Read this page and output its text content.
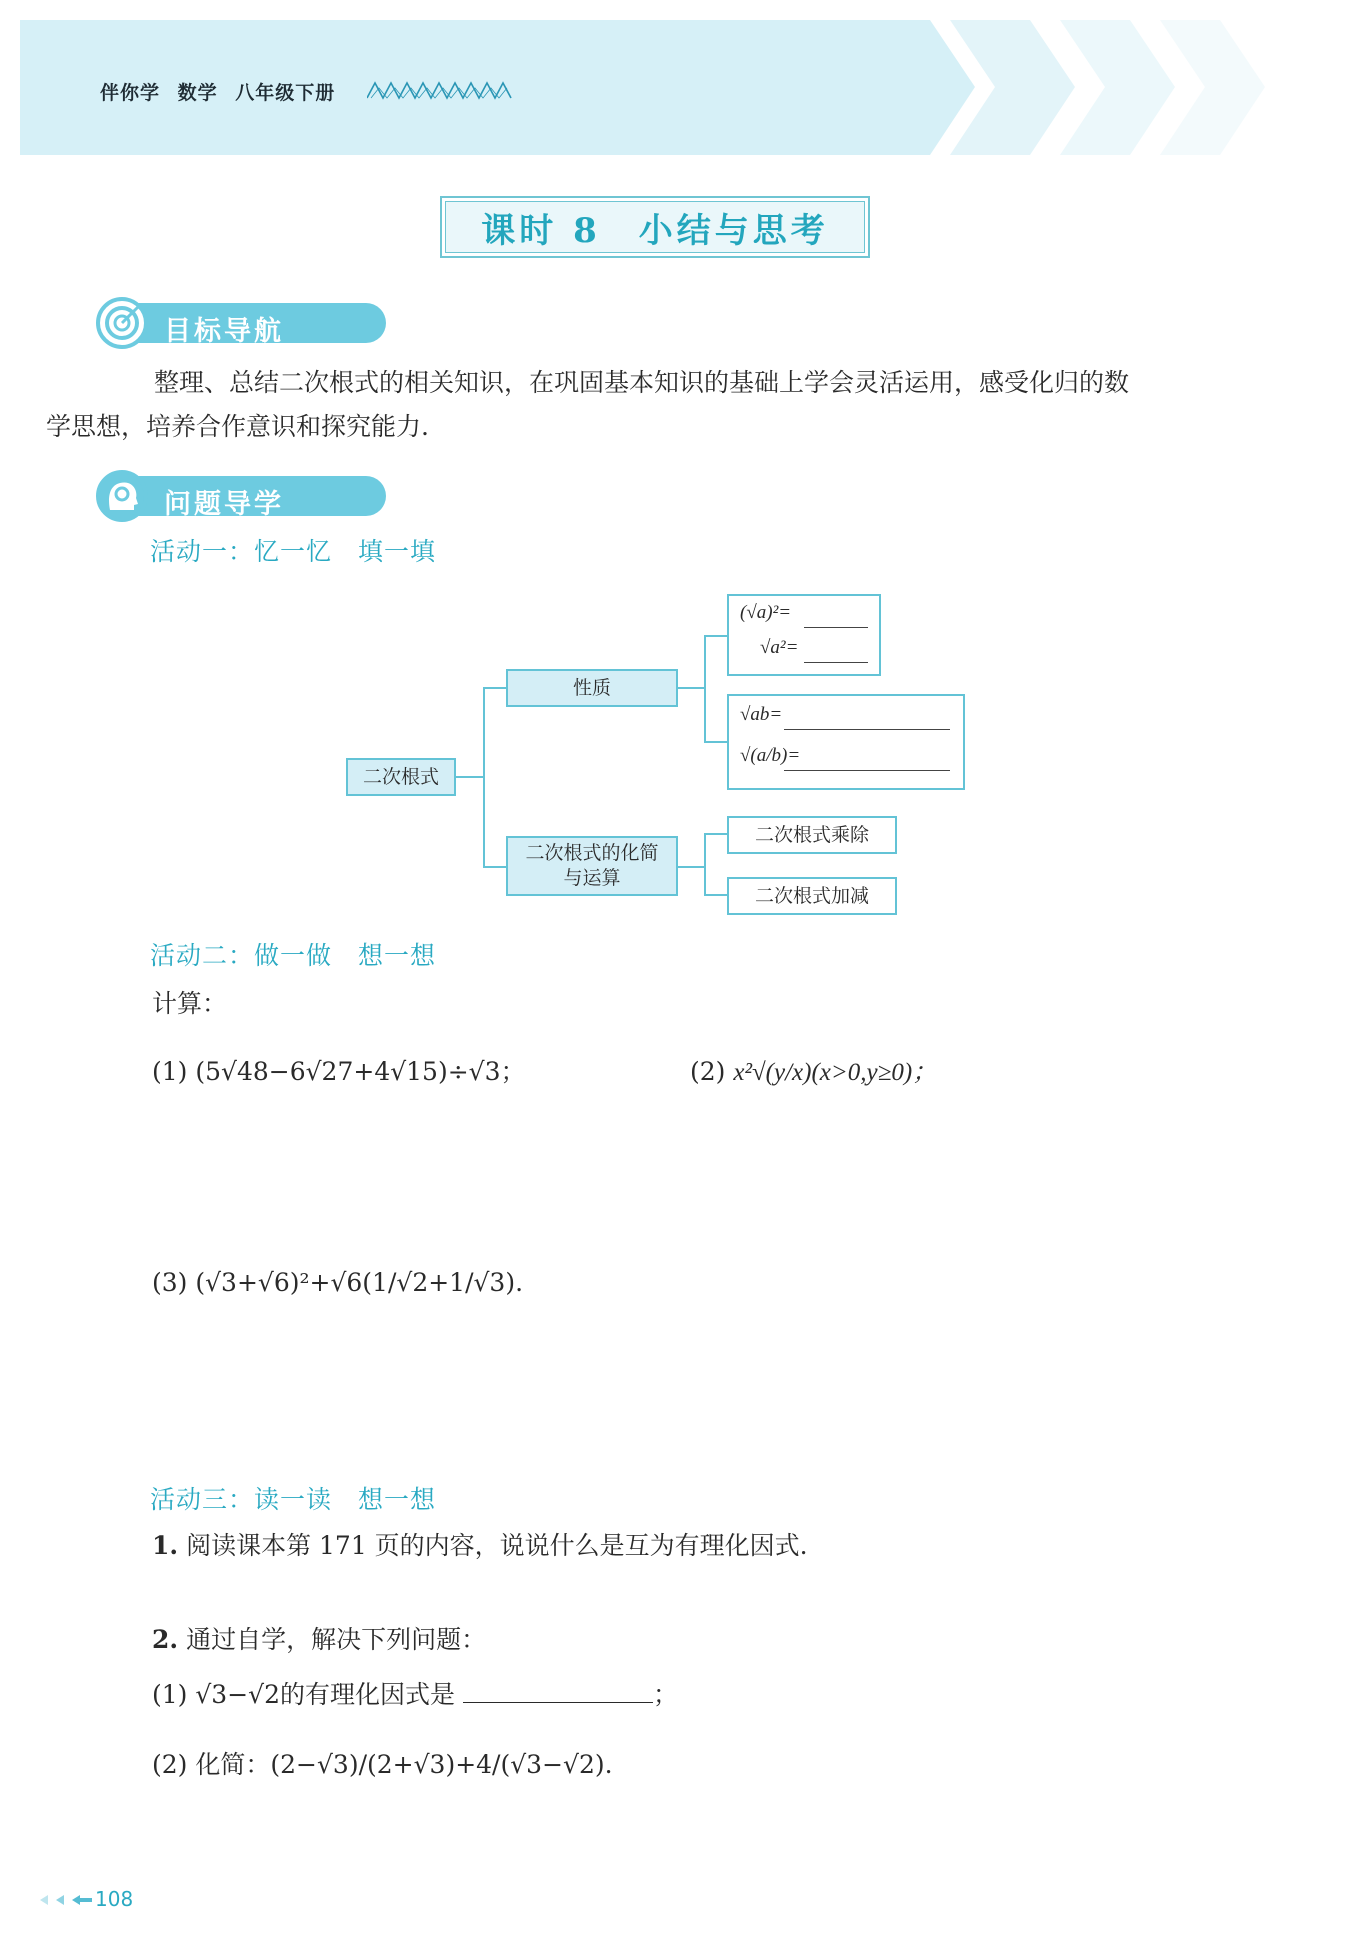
伴你学 数学 八年级下册
课时 8　小结与思考
目标导航
整理、总结二次根式的相关知识，在巩固基本知识的基础上学会灵活运用，感受化归的数
学思想，培养合作意识和探究能力.
问题导学
活动一：忆一忆　填一填
二次根式
性质
二次根式的化简
与运算
(√a)²=
√a²=
√ab=
√(a/b)=
二次根式乘除
二次根式加减
活动二：做一做　想一想
计算：
(1) (5√48−6√27+4√15)÷√3；	(2) x²√(y/x)(x>0,y≥0)；
(3) (√3+√6)²+√6(1/√2+1/√3).
活动三：读一读　想一想
1. 阅读课本第 171 页的内容，说说什么是互为有理化因式.
2. 通过自学，解决下列问题：
(1) √3−√2的有理化因式是	；
(2) 化简：(2−√3)/(2+√3)+4/(√3−√2).
108
